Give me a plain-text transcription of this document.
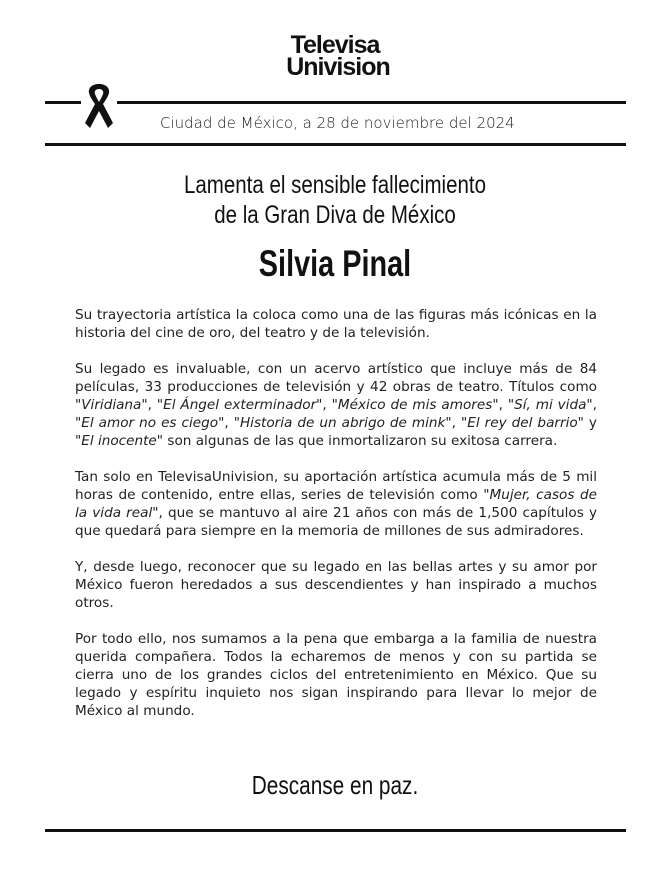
Televisa
Univision
Ciudad de México, a 28 de noviembre del 2024
Lamenta el sensible fallecimiento
de la Gran Diva de México
Silvia Pinal

Su trayectoria artística la coloca como una de las figuras más icónicas en la historia del cine de oro, del teatro y de la televisión.

Su legado es invaluable, con un acervo artístico que incluye más de 84 películas, 33 producciones de televisión y 42 obras de teatro. Títulos como "Viridiana", "El Ángel exterminador", "México de mis amores", "Sí, mi vida", "El amor no es ciego", "Historia de un abrigo de mink", "El rey del barrio" y "El inocente" son algunas de las que inmortalizaron su exitosa carrera.

Tan solo en TelevisaUnivision, su aportación artística acumula más de 5 mil horas de contenido, entre ellas, series de televisión como "Mujer, casos de la vida real", que se mantuvo al aire 21 años con más de 1,500 capítulos y que quedará para siempre en la memoria de millones de sus admiradores.

Y, desde luego, reconocer que su legado en las bellas artes y su amor por México fueron heredados a sus descendientes y han inspirado a muchos otros.

Por todo ello, nos sumamos a la pena que embarga a la familia de nuestra querida compañera. Todos la echaremos de menos y con su partida se cierra uno de los grandes ciclos del entretenimiento en México. Que su legado y espíritu inquieto nos sigan inspirando para llevar lo mejor de México al mundo.

Descanse en paz.
